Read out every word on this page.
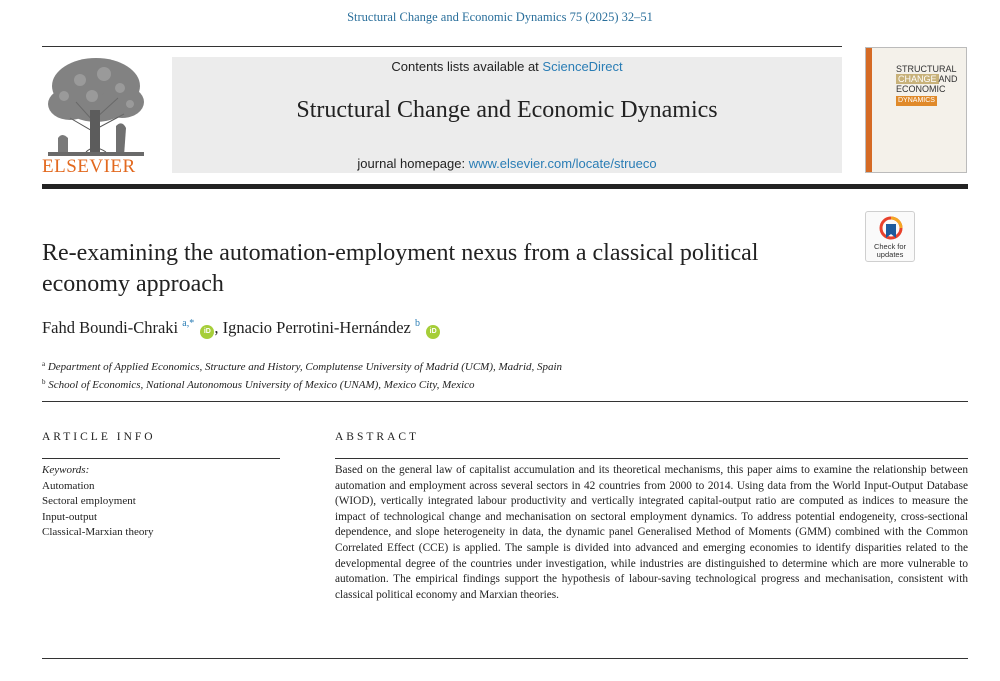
Structural Change and Economic Dynamics 75 (2025) 32–51
ELSEVIER
Contents lists available at ScienceDirect
Structural Change and Economic Dynamics
journal homepage: www.elsevier.com/locate/strueco
STRUCTURAL
CHANGE AND
ECONOMIC
DYNAMICS
Check for
updates
Re-examining the automation-employment nexus from a classical political economy approach
Fahd Boundi-Chraki $^{a,*}$ iD , Ignacio Perrotini-Hernández $^b$ iD
$^a$ Department of Applied Economics, Structure and History, Complutense University of Madrid (UCM), Madrid, Spain
$^b$ School of Economics, National Autonomous University of Mexico (UNAM), Mexico City, Mexico
ARTICLE INFO	ABSTRACT
Keywords:
Automation
Sectoral employment
Input-output
Classical-Marxian theory

Based on the general law of capitalist accumulation and its theoretical mechanisms, this paper aims to examine the relationship between automation and employment across several sectors in 42 countries from 2000 to 2014. Using data from the World Input-Output Database (WIOD), vertically integrated labour productivity and vertically integrated capital-output ratio are computed as indices to measure the impact of technological change and mechanisation on sectoral employment dynamics. To address potential endogeneity, cross-sectional dependence, and slope heterogeneity in data, the dynamic panel Generalised Method of Moments (GMM) combined with the Common Correlated Effect (CCE) is applied. The sample is divided into advanced and emerging economies to identify disparities related to the developmental degree of the countries under investigation, while industries are distinguished to determine which are more vulnerable to automation. The empirical findings support the hypothesis of labour-saving technological progress and mechanisation, consistent with classical political economy and Marxian theories.
